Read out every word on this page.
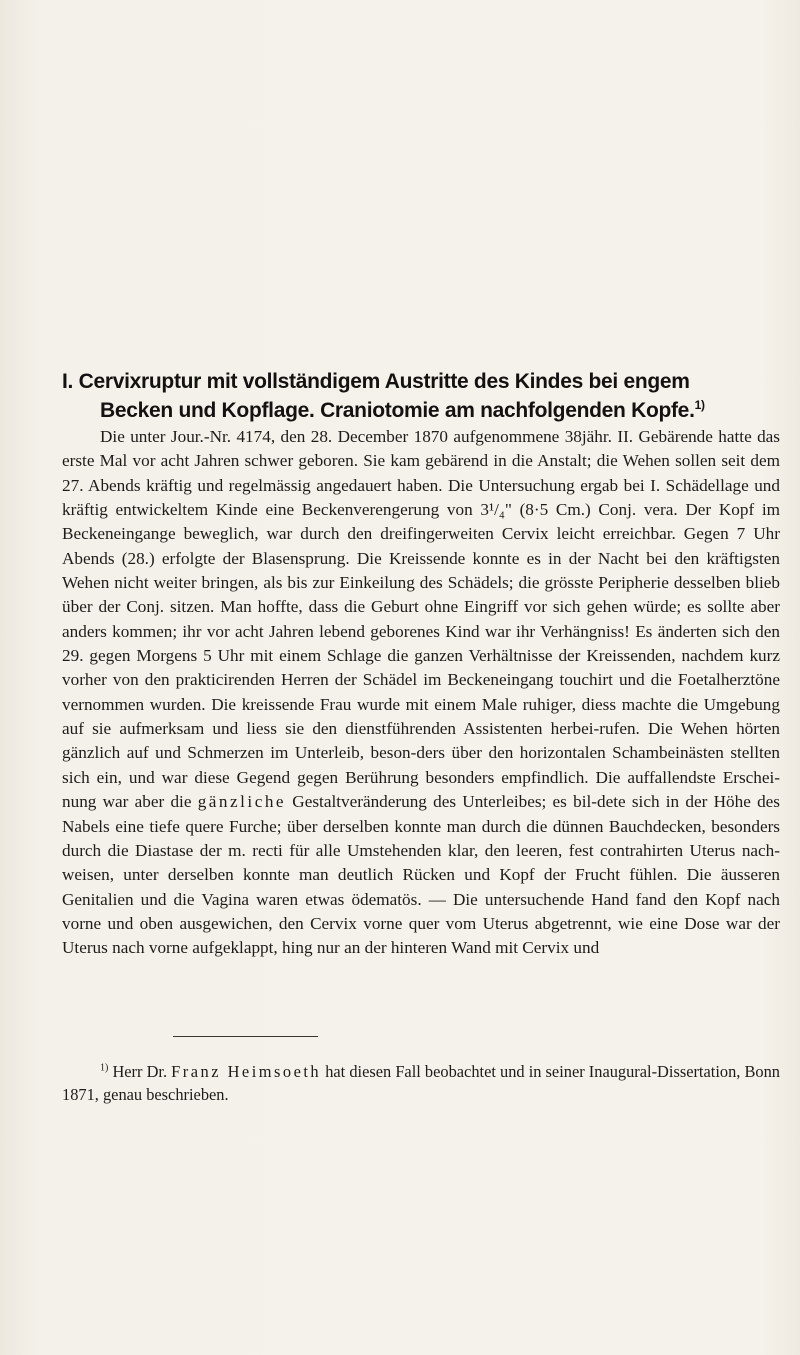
I. Cervixruptur mit vollständigem Austritte des Kindes bei engem
Becken und Kopflage. Craniotomie am nachfolgenden Kopfe.$^{1)}$

Die unter Jour.-Nr. 4174, den 28. December 1870 aufgenommene 38jähr. II. Gebärende hatte das erste Mal vor acht Jahren schwer geboren. Sie kam gebärend in die Anstalt; die Wehen sollen seit dem 27. Abends kräftig und regelmässig angedauert haben. Die Untersuchung ergab bei I. Schädellage und kräftig entwickeltem Kinde eine Beckenverengerung von 3¹/₄" (8·5 Cm.) Conj. vera. Der Kopf im Beckeneingange beweglich, war durch den dreifingerweiten Cervix leicht erreichbar. Gegen 7 Uhr Abends (28.) erfolgte der Blasensprung. Die Kreissende konnte es in der Nacht bei den kräftigsten Wehen nicht weiter bringen, als bis zur Einkeilung des Schädels; die grösste Peripherie desselben blieb über der Conj. sitzen. Man hoffte, dass die Geburt ohne Eingriff vor sich gehen würde; es sollte aber anders kommen; ihr vor acht Jahren lebend geborenes Kind war ihr Verhängniss! Es änderten sich den 29. gegen Morgens 5 Uhr mit einem Schlage die ganzen Verhältnisse der Kreissenden, nachdem kurz vorher von den prakticirenden Herren der Schädel im Beckeneingang touchirt und die Foetalherztöne vernommen wurden. Die kreissende Frau wurde mit einem Male ruhiger, diess machte die Umgebung auf sie aufmerksam und liess sie den dienstführenden Assistenten herbei-rufen. Die Wehen hörten gänzlich auf und Schmerzen im Unterleib, beson-ders über den horizontalen Schambeinästen stellten sich ein, und war diese Gegend gegen Berührung besonders empfindlich. Die auffallendste Erschei-nung war aber die gänzliche Gestaltveränderung des Unterleibes; es bil-dete sich in der Höhe des Nabels eine tiefe quere Furche; über derselben konnte man durch die dünnen Bauchdecken, besonders durch die Diastase der m. recti für alle Umstehenden klar, den leeren, fest contrahirten Uterus nach-weisen, unter derselben konnte man deutlich Rücken und Kopf der Frucht fühlen. Die äusseren Genitalien und die Vagina waren etwas ödematös. — Die untersuchende Hand fand den Kopf nach vorne und oben ausgewichen, den Cervix vorne quer vom Uterus abgetrennt, wie eine Dose war der Uterus nach vorne aufgeklappt, hing nur an der hinteren Wand mit Cervix und

$^{1)}$ Herr Dr. Franz Heimsoeth hat diesen Fall beobachtet und in seiner Inaugural-Dissertation, Bonn 1871, genau beschrieben.
